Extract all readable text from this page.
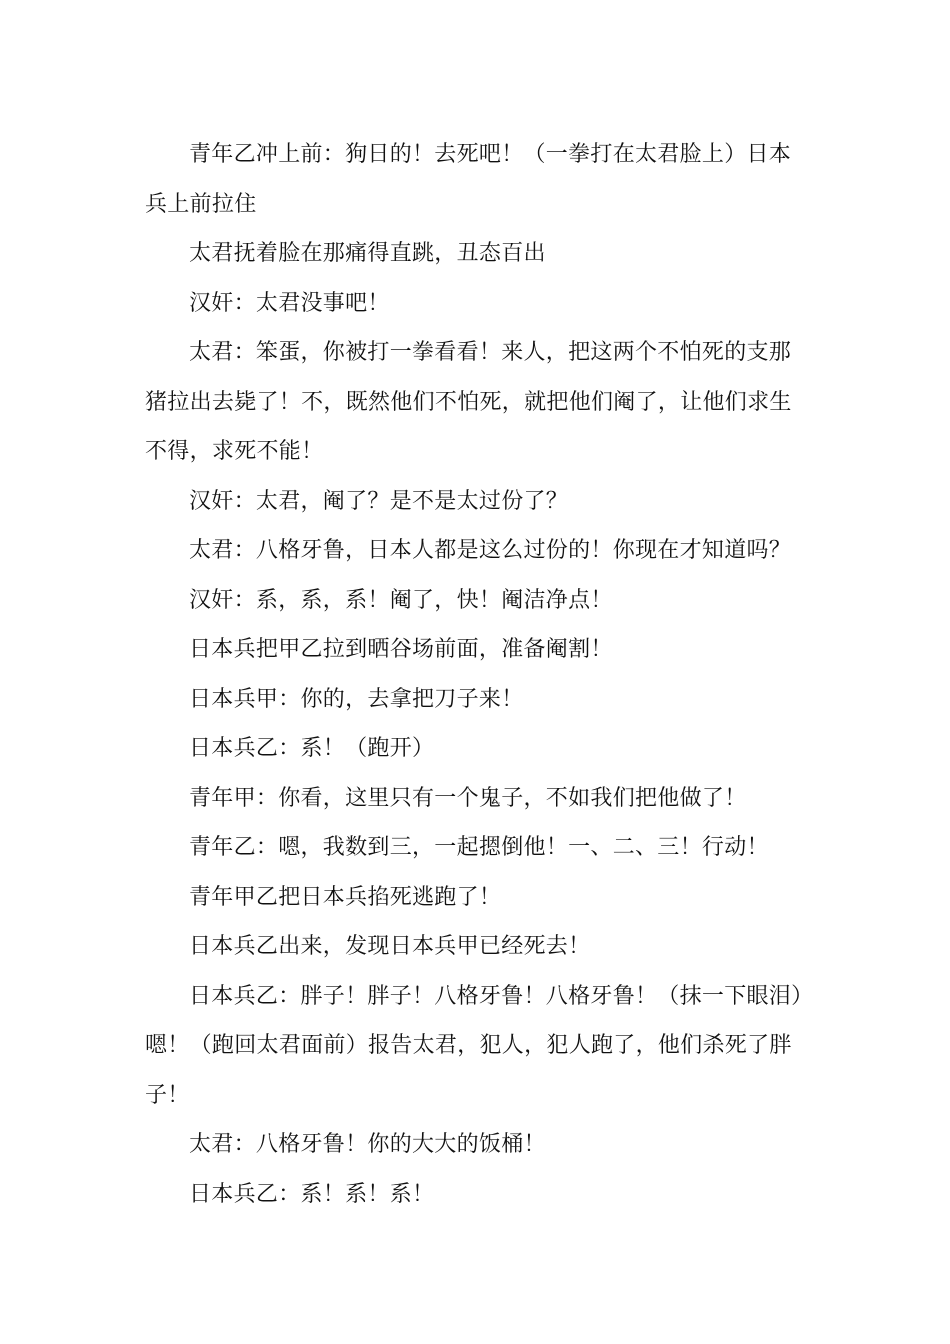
青年乙冲上前：狗日的！去死吧！（一拳打在太君脸上）日本兵上前拉住

太君抚着脸在那痛得直跳，丑态百出

汉奸：太君没事吧！

太君：笨蛋，你被打一拳看看！来人，把这两个不怕死的支那猪拉出去毙了！不，既然他们不怕死，就把他们阉了，让他们求生不得，求死不能！

汉奸：太君，阉了？是不是太过份了？

太君：八格牙鲁，日本人都是这么过份的！你现在才知道吗？

汉奸：系，系，系！阉了，快！阉洁净点！

日本兵把甲乙拉到晒谷场前面，准备阉割！

日本兵甲：你的，去拿把刀子来！

日本兵乙：系！（跑开）

青年甲：你看，这里只有一个鬼子，不如我们把他做了！

青年乙：嗯，我数到三，一起摁倒他！一、二、三！行动！

青年甲乙把日本兵掐死逃跑了！

日本兵乙出来，发现日本兵甲已经死去！

日本兵乙：胖子！胖子！八格牙鲁！八格牙鲁！（抹一下眼泪）嗯！（跑回太君面前）报告太君，犯人，犯人跑了，他们杀死了胖子！

太君：八格牙鲁！你的大大的饭桶！

日本兵乙：系！系！系！
